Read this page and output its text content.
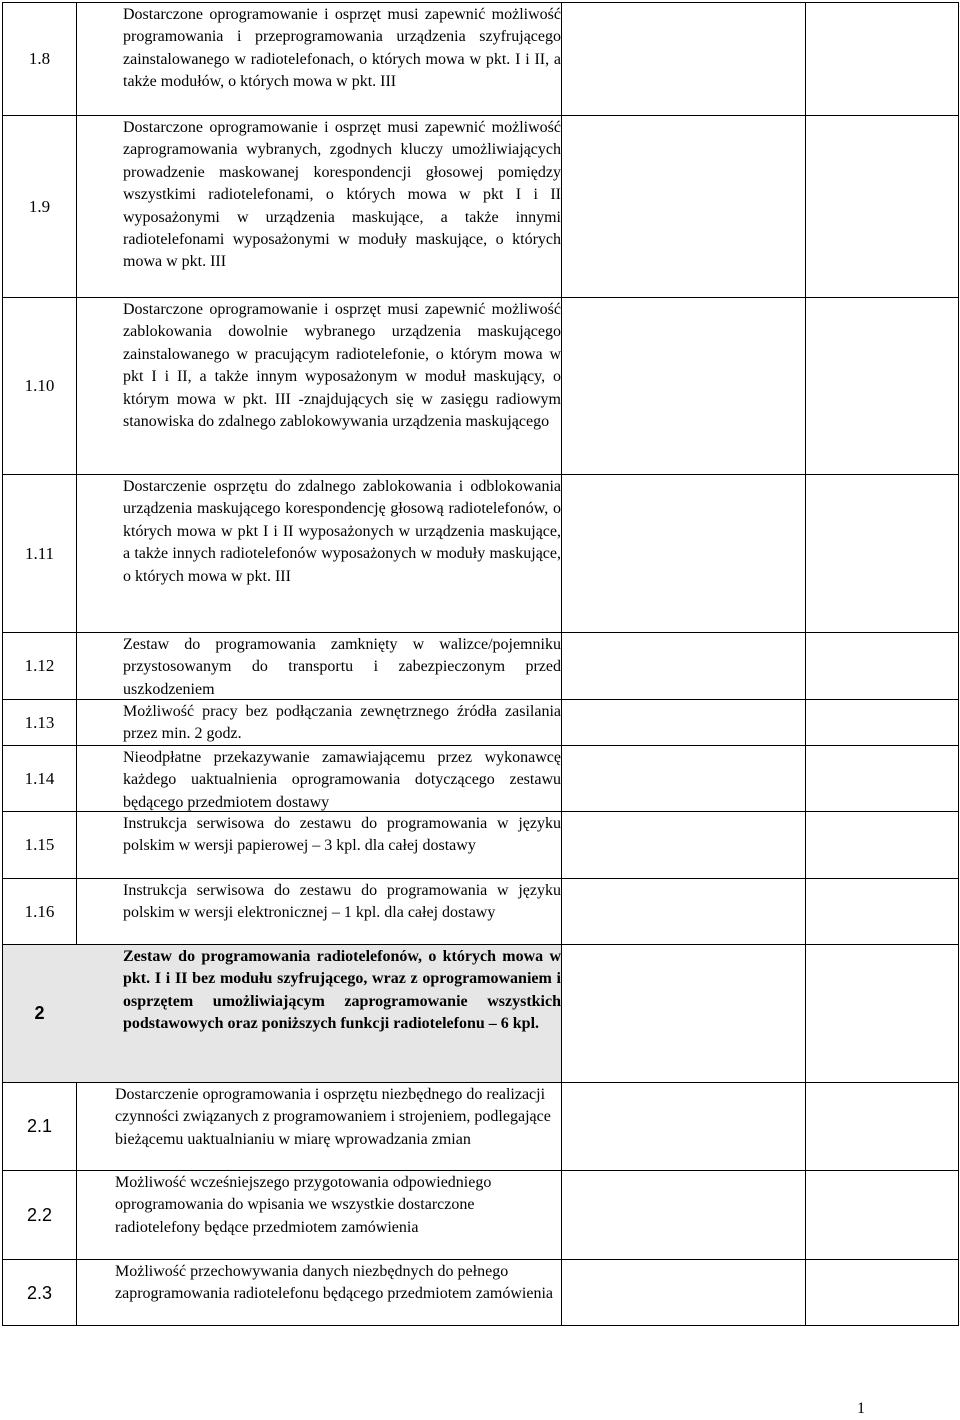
1.8
Dostarczone oprogramowanie i osprzęt musi zapewnić możliwość programowania i przeprogramowania urządzenia szyfrującego zainstalowanego w radiotelefonach, o których mowa w pkt. I i II, a także modułów, o których mowa w pkt. III
1.9
Dostarczone oprogramowanie i osprzęt musi zapewnić możliwość zaprogramowania wybranych, zgodnych kluczy umożliwiających prowadzenie maskowanej korespondencji głosowej pomiędzy wszystkimi radiotelefonami, o których mowa w pkt I i II wyposażonymi w urządzenia maskujące, a także innymi radiotelefonami wyposażonymi w moduły maskujące, o których mowa w pkt. III
1.10
Dostarczone oprogramowanie i osprzęt musi zapewnić możliwość zablokowania dowolnie wybranego urządzenia maskującego zainstalowanego w pracującym radiotelefonie, o którym mowa w pkt I i II, a także innym wyposażonym w moduł maskujący, o którym mowa w pkt. III -znajdujących się w zasięgu radiowym stanowiska do zdalnego zablokowywania urządzenia maskującego
1.11
Dostarczenie osprzętu do zdalnego zablokowania i odblokowania urządzenia maskującego korespondencję głosową radiotelefonów, o których mowa w pkt I i II wyposażonych w urządzenia maskujące, a także innych radiotelefonów wyposażonych w moduły maskujące, o których mowa w pkt. III
1.12
Zestaw do programowania zamknięty w walizce/pojemniku przystosowanym do transportu i zabezpieczonym przed uszkodzeniem
1.13
Możliwość pracy bez podłączania zewnętrznego źródła zasilania przez min. 2 godz.
1.14
Nieodpłatne przekazywanie zamawiającemu przez wykonawcę każdego uaktualnienia oprogramowania dotyczącego zestawu będącego przedmiotem dostawy
1.15
Instrukcja serwisowa do zestawu do programowania w języku polskim w wersji papierowej – 3 kpl. dla całej dostawy
1.16
Instrukcja serwisowa do zestawu do programowania w języku polskim w wersji elektronicznej – 1 kpl. dla całej dostawy
2
Zestaw do programowania radiotelefonów, o których mowa w pkt. I i II bez modułu szyfrującego, wraz z oprogramowaniem i osprzętem umożliwiającym zaprogramowanie wszystkich podstawowych oraz poniższych funkcji radiotelefonu – 6 kpl.
2.1
Dostarczenie oprogramowania i osprzętu niezbędnego do realizacji czynności związanych z programowaniem i strojeniem, podlegające bieżącemu uaktualnianiu w miarę wprowadzania zmian
2.2
Możliwość wcześniejszego przygotowania odpowiedniego oprogramowania do wpisania we wszystkie dostarczone radiotelefony będące przedmiotem zamówienia
2.3
Możliwość przechowywania danych niezbędnych do pełnego zaprogramowania radiotelefonu będącego przedmiotem zamówienia
1
